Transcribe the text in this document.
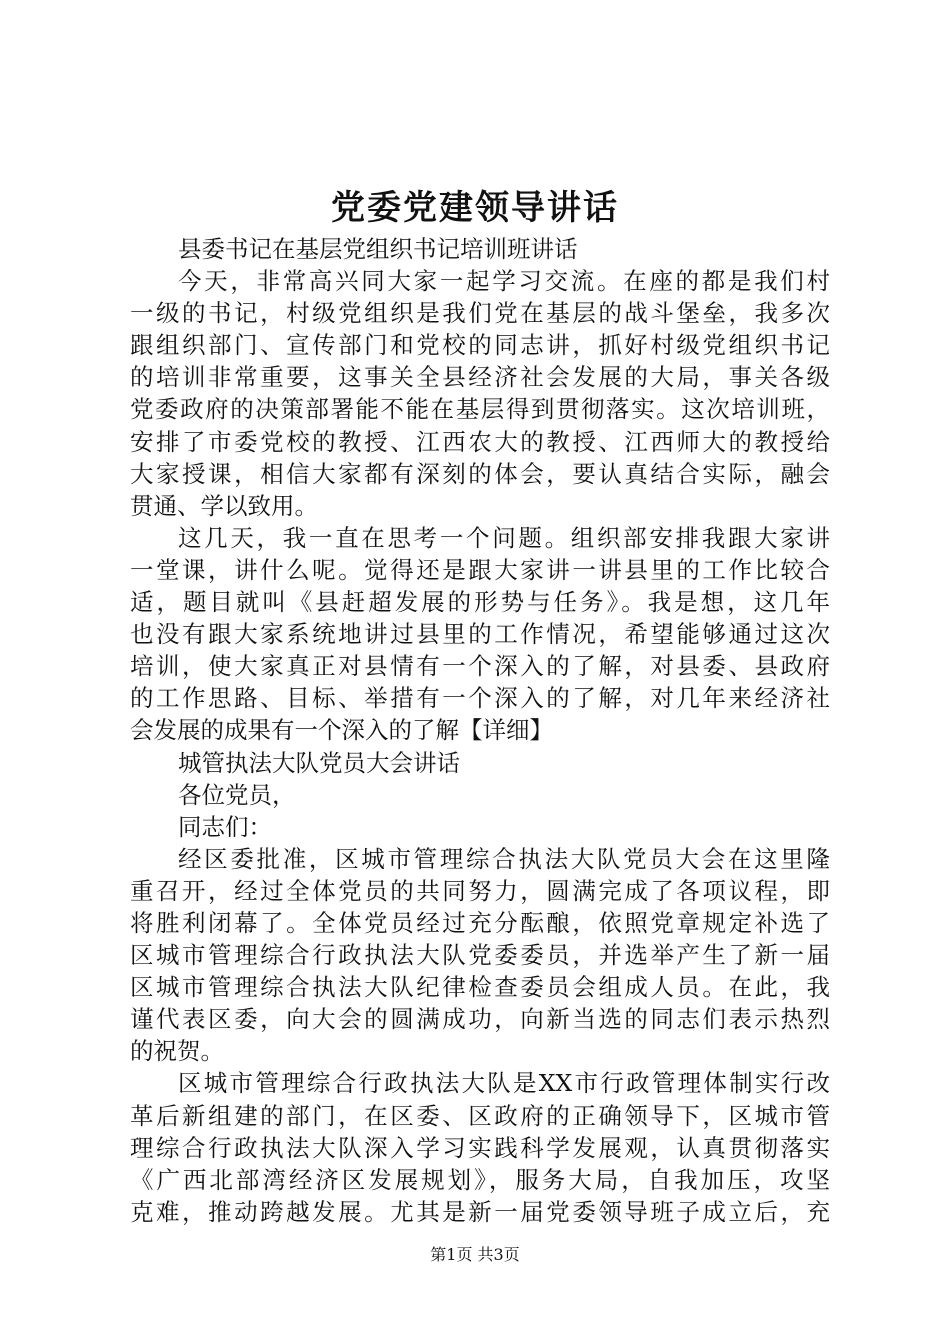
党委党建领导讲话
县委书记在基层党组织书记培训班讲话
今天，非常高兴同大家一起学习交流。在座的都是我们村
一级的书记，村级党组织是我们党在基层的战斗堡垒，我多次
跟组织部门、宣传部门和党校的同志讲，抓好村级党组织书记
的培训非常重要，这事关全县经济社会发展的大局，事关各级
党委政府的决策部署能不能在基层得到贯彻落实。这次培训班，
安排了市委党校的教授、江西农大的教授、江西师大的教授给
大家授课，相信大家都有深刻的体会，要认真结合实际，融会
贯通、学以致用。
这几天，我一直在思考一个问题。组织部安排我跟大家讲
一堂课，讲什么呢。觉得还是跟大家讲一讲县里的工作比较合
适，题目就叫《县赶超发展的形势与任务》。我是想，这几年
也没有跟大家系统地讲过县里的工作情况，希望能够通过这次
培训，使大家真正对县情有一个深入的了解，对县委、县政府
的工作思路、目标、举措有一个深入的了解，对几年来经济社
会发展的成果有一个深入的了解【详细】
城管执法大队党员大会讲话
各位党员，
同志们：
经区委批准，区城市管理综合执法大队党员大会在这里隆
重召开，经过全体党员的共同努力，圆满完成了各项议程，即
将胜利闭幕了。全体党员经过充分酝酿，依照党章规定补选了
区城市管理综合行政执法大队党委委员，并选举产生了新一届
区城市管理综合执法大队纪律检查委员会组成人员。在此，我
谨代表区委，向大会的圆满成功，向新当选的同志们表示热烈
的祝贺。
区城市管理综合行政执法大队是XX市行政管理体制实行改
革后新组建的部门，在区委、区政府的正确领导下，区城市管
理综合行政执法大队深入学习实践科学发展观，认真贯彻落实
《广西北部湾经济区发展规划》，服务大局，自我加压，攻坚
克难，推动跨越发展。尤其是新一届党委领导班子成立后，充
第1页 共3页
